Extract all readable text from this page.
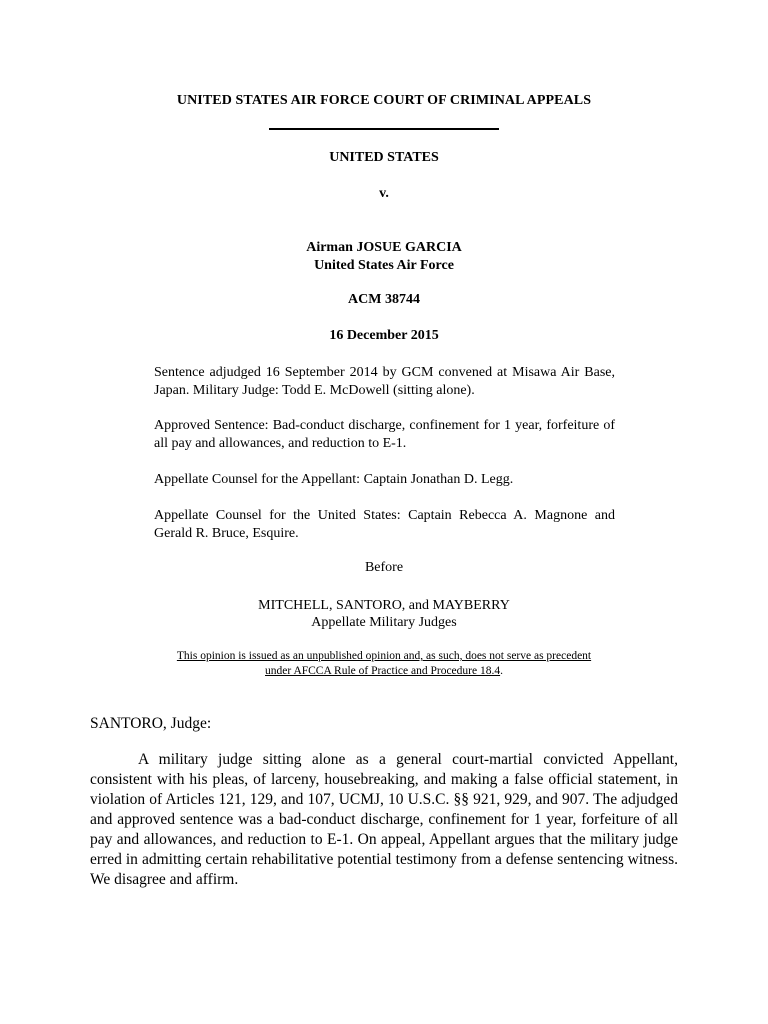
UNITED STATES AIR FORCE COURT OF CRIMINAL APPEALS
UNITED STATES
v.
Airman JOSUE GARCIA
United States Air Force
ACM 38744
16 December 2015
Sentence adjudged 16 September 2014 by GCM convened at Misawa Air Base, Japan. Military Judge: Todd E. McDowell (sitting alone).
Approved Sentence: Bad-conduct discharge, confinement for 1 year, forfeiture of all pay and allowances, and reduction to E-1.
Appellate Counsel for the Appellant: Captain Jonathan D. Legg.
Appellate Counsel for the United States: Captain Rebecca A. Magnone and Gerald R. Bruce, Esquire.
Before
MITCHELL, SANTORO, and MAYBERRY
Appellate Military Judges
This opinion is issued as an unpublished opinion and, as such, does not serve as precedent
under AFCCA Rule of Practice and Procedure 18.4.
SANTORO, Judge:
A military judge sitting alone as a general court-martial convicted Appellant, consistent with his pleas, of larceny, housebreaking, and making a false official statement, in violation of Articles 121, 129, and 107, UCMJ, 10 U.S.C. §§ 921, 929, and 907. The adjudged and approved sentence was a bad-conduct discharge, confinement for 1 year, forfeiture of all pay and allowances, and reduction to E-1. On appeal, Appellant argues that the military judge erred in admitting certain rehabilitative potential testimony from a defense sentencing witness. We disagree and affirm.
